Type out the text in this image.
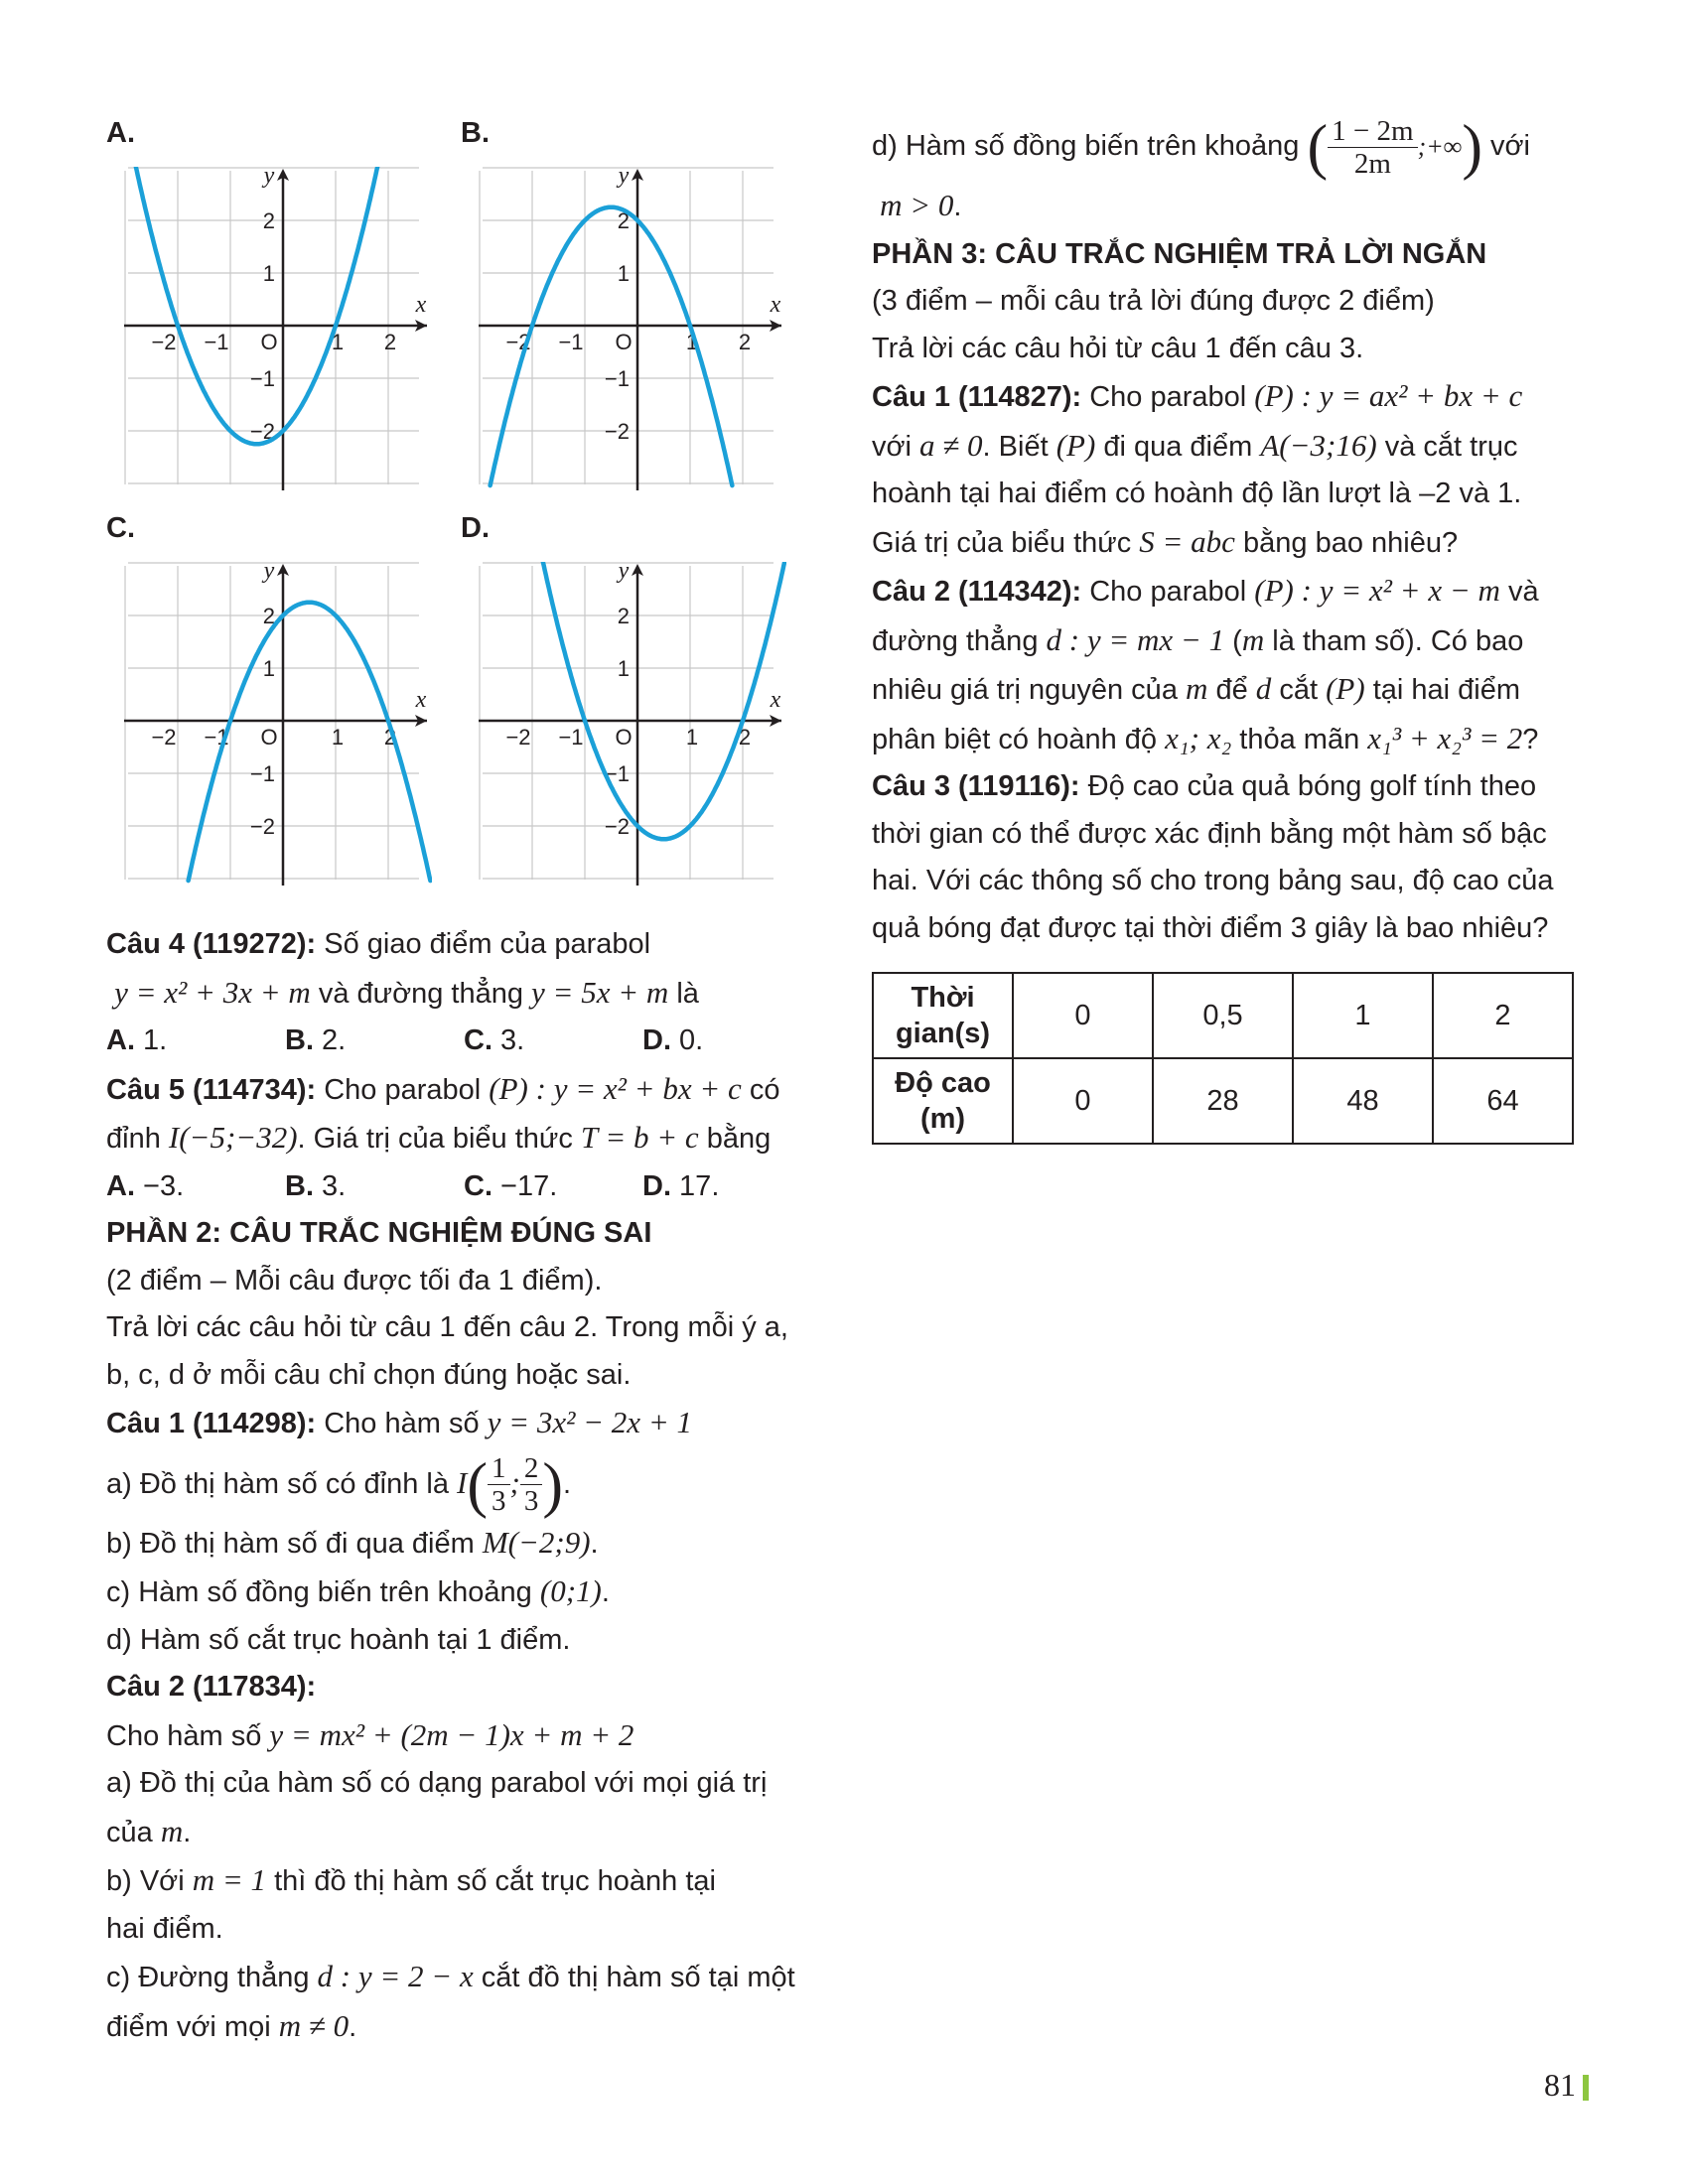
A.
x
y
O
−2 −1	1 2
2
1
−1
−2
B.
x
y
O
−2 −1	1 2
2
1
−1
−2
C.
x
y
O
−2 −1	1 2
2
1
−1
−2
D.
x
y
O
−2 −1	1 2
2
1
−1
−2
Câu 4 (119272): Số giao điểm của parabol
y = x² + 3x + m và đường thẳng y = 5x + m là
A. 1.	B. 2.	C. 3.	D. 0.
Câu 5 (114734): Cho parabol (P) : y = x² + bx + c có
đỉnh I(−5;−32). Giá trị của biểu thức T = b + c bằng
A. −3.	B. 3.	C. −17.	D. 17.
PHẦN 2: CÂU TRẮC NGHIỆM ĐÚNG SAI
(2 điểm – Mỗi câu được tối đa 1 điểm).
Trả lời các câu hỏi từ câu 1 đến câu 2. Trong mỗi ý a,
b, c, d ở mỗi câu chỉ chọn đúng hoặc sai.
Câu 1 (114298): Cho hàm số y = 3x² − 2x + 1
a) Đồ thị hàm số có đỉnh là $I( \frac{1}{3}$ ; $\frac{2}{3}$ ).
b) Đồ thị hàm số đi qua điểm M(−2;9).
c) Hàm số đồng biến trên khoảng (0;1).
d) Hàm số cắt trục hoành tại 1 điểm.
Câu 2 (117834):
Cho hàm số y = mx² + (2m − 1)x + m + 2
a) Đồ thị của hàm số có dạng parabol với mọi giá trị
của m.
b) Với m = 1 thì đồ thị hàm số cắt trục hoành tại
hai điểm.
c) Đường thẳng d : y = 2 − x cắt đồ thị hàm số tại một
điểm với mọi m ≠ 0.
d) Hàm số đồng biến trên khoảng ( $\frac{1 - 2m}{2m}$ ;+∞) với
m > 0.
PHẦN 3: CÂU TRẮC NGHIỆM TRẢ LỜI NGẮN
(3 điểm – mỗi câu trả lời đúng được 2 điểm)
Trả lời các câu hỏi từ câu 1 đến câu 3.
Câu 1 (114827): Cho parabol (P) : y = ax² + bx + c
với a ≠ 0. Biết (P) đi qua điểm A(−3;16) và cắt trục
hoành tại hai điểm có hoành độ lần lượt là –2 và 1.
Giá trị của biểu thức S = abc bằng bao nhiêu?
Câu 2 (114342): Cho parabol (P) : y = x² + x − m và
đường thẳng d : y = mx − 1 (m là tham số). Có bao
nhiêu giá trị nguyên của m để d cắt (P) tại hai điểm
phân biệt có hoành độ x₁; x₂ thỏa mãn x₁³ + x₂³ = 2?
Câu 3 (119116): Độ cao của quả bóng golf tính theo
thời gian có thể được xác định bằng một hàm số bậc
hai. Với các thông số cho trong bảng sau, độ cao của
quả bóng đạt được tại thời điểm 3 giây là bao nhiêu?
Thời gian(s)	0	0,5	1	2
Độ cao (m)	0	28	48	64
81
